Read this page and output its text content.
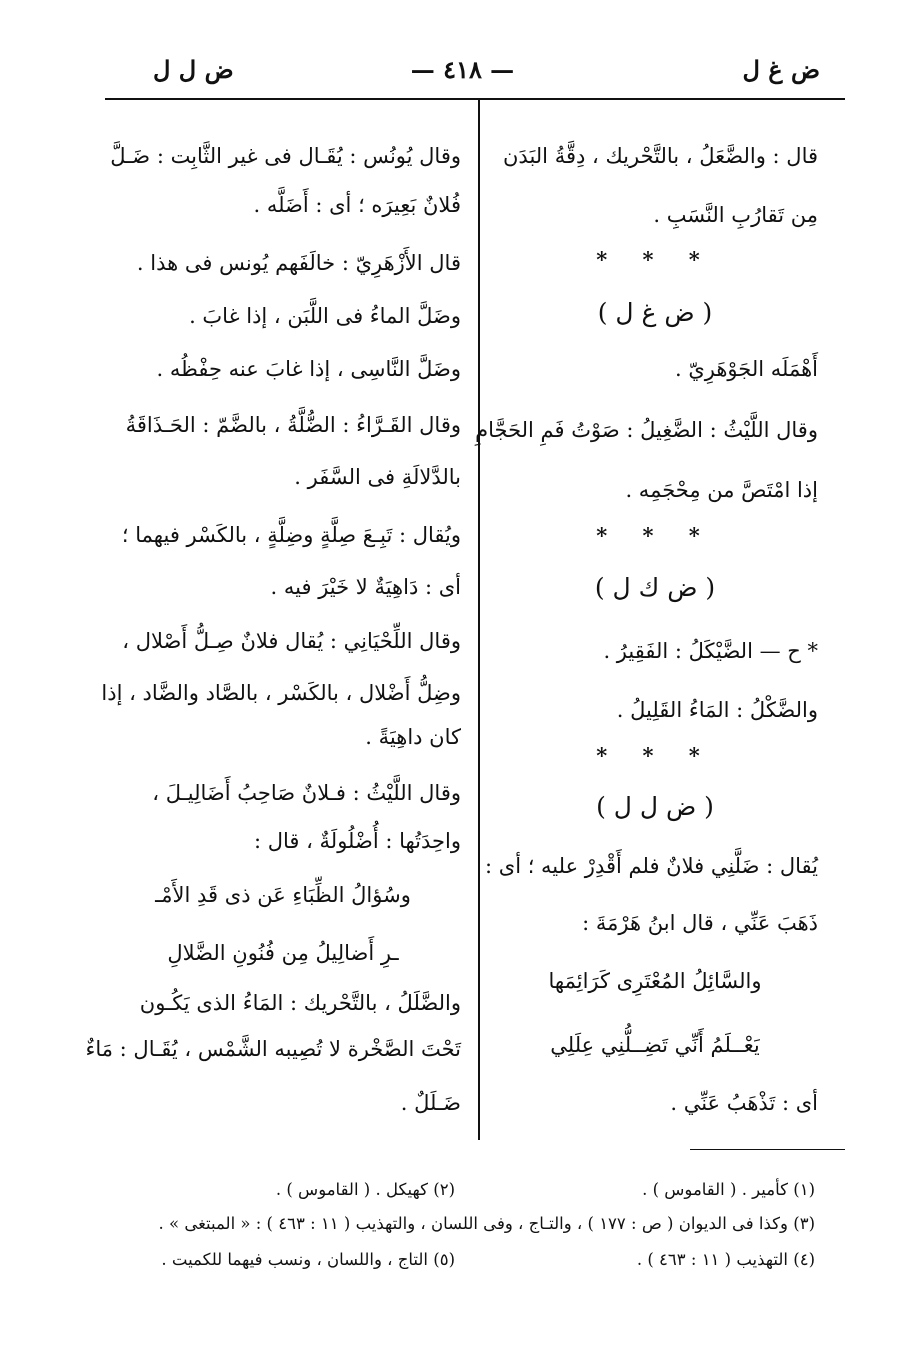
ض غ ل
— ٤١٨ —
ض ل ل
قال : والضَّعَلُ ، بالتَّحْريك ، دِقَّةُ البَدَن
مِن تَقارُبِ النَّسَبِ .
* * *
( ض غ ل )
أَهْمَلَه الجَوْهَرِيّ .
وقال اللَّيْثُ : الضَّغِيلُ : صَوْتُ فَمِ الحَجَّامِ
إذا امْتَصَّ من مِحْجَمِه .
* * *
( ض ك ل )
* ح — الضَّيْكَلُ : الفَقِيرُ .
والضَّكْلُ : المَاءُ القَلِيلُ .
* * *
( ض ل ل )
يُقال : ضَلَّنِي فلانٌ فلم أَقْدِرْ عليه ؛ أى :
ذَهَبَ عَنِّي ، قال ابنُ هَرْمَةَ :
والسَّائِلُ المُعْتَرِى كَرَائِمَها
يَعْــلَمُ أَنِّي تَضِــلُّنِي عِلَلِي
أى : تَذْهَبُ عَنِّي .
وقال يُونُس : يُقَـال فى غير الثَّابِت : ضَـلَّ
فُلانٌ بَعِيرَه ؛ أى : أَضَلَّه .
قال الأَزْهَرِيّ : خالَفَهم يُونس فى هذا .
وضَلَّ الماءُ فى اللَّبَن ، إذا غابَ .
وضَلَّ النَّاسِى ، إذا غابَ عنه حِفْظُه .
وقال القَـرَّاءُ : الضُّلَّةُ ، بالضَّمّ : الحَـذَاقَةُ
بالدَّلالَةِ فى السَّفَر .
ويُقال : تَبِـعَ صِلَّةٍ وضِلَّةٍ ، بالكَسْر فيهما ؛
أى : دَاهِيَةٌ لا خَيْرَ فيه .
وقال اللِّحْيَانِي : يُقال فلانٌ صِـلُّ أَصْلال ،
وضِلُّ أَضْلال ، بالكَسْر ، بالصَّاد والضَّاد ، إذا
كان داهِيَةً .
وقال اللَّيْثُ : فـلانٌ صَاحِبُ أَضَالِيـلَ ،
واحِدَتُها : أُضْلُولَةٌ ، قال :
وسُؤالُ الظِّبَاءِ عَن ذى قَدِ الأَمْـ
ـرِ أَضالِيلُ مِن فُنُونِ الضَّلالِ
والضَّلَلُ ، بالتَّحْريك : المَاءُ الذى يَكُـون
تَحْتَ الصَّخْرة لا تُصِيبه الشَّمْس ، يُقَـال : مَاءٌ
ضَـلَلٌ .
(١) كأمير . ( القاموس ) .
(٢) كهيكل . ( القاموس ) .
(٣) وكذا فى الديوان ( ص : ١٧٧ ) ، والتـاج ، وفى اللسان ، والتهذيب ( ١١ : ٤٦٣ ) : « المبتغى » .
(٤) التهذيب ( ١١ : ٤٦٣ ) .
(٥) التاج ، واللسان ، ونسب فيهما للكميت .
